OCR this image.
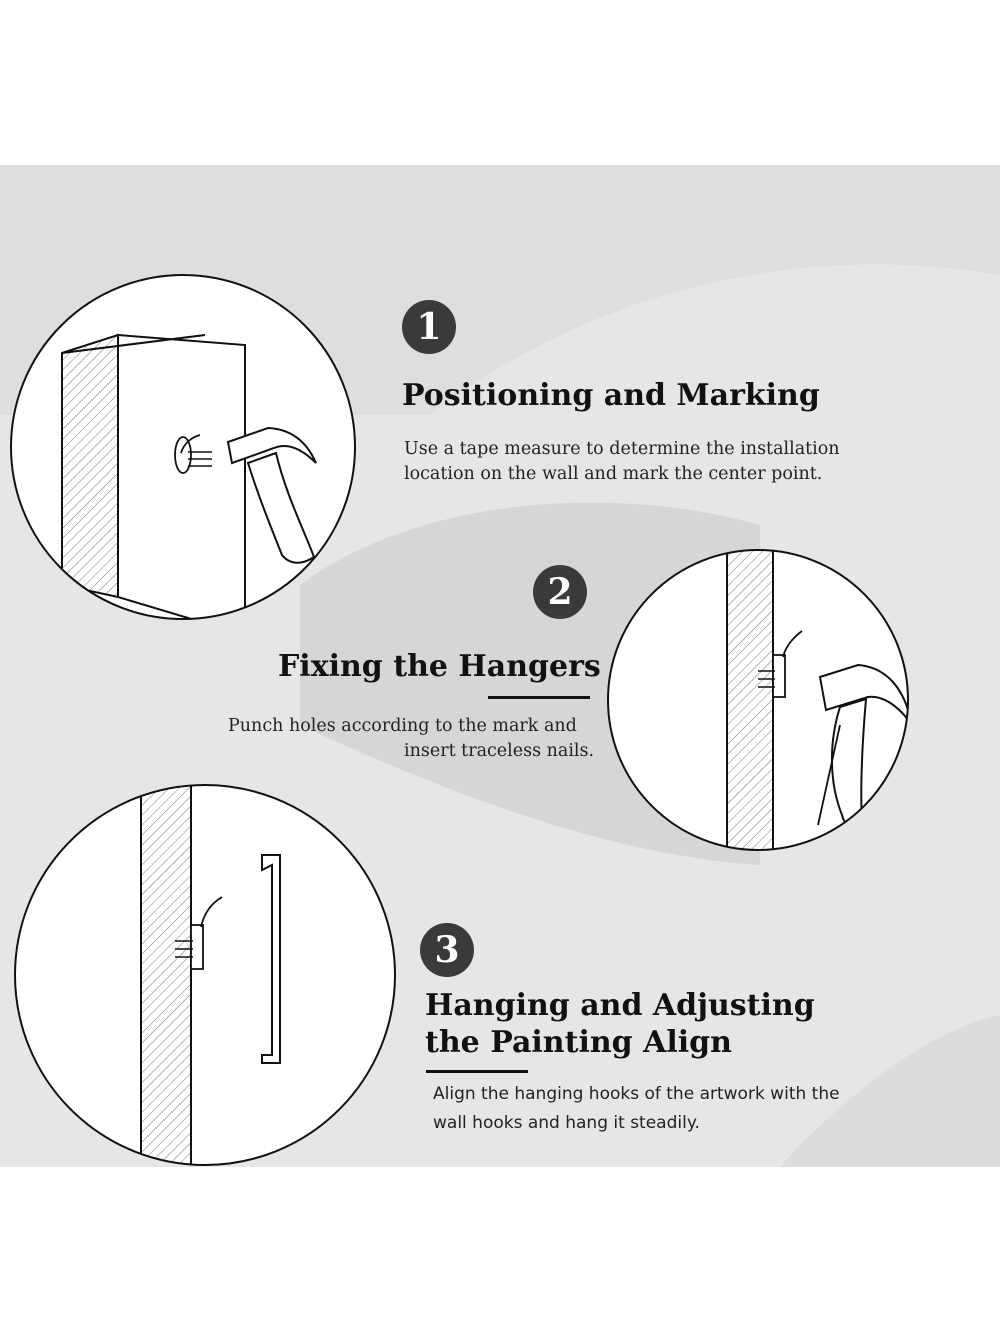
1
Positioning and Marking

Use a tape measure to determine the installation

location on the wall and mark the center point.

2
Fixing the Hangers

Punch holes according to the mark and

insert traceless nails.

3
Hanging and Adjusting
the Painting Align

Align the hanging hooks of the artwork with the

wall hooks and hang it steadily.
